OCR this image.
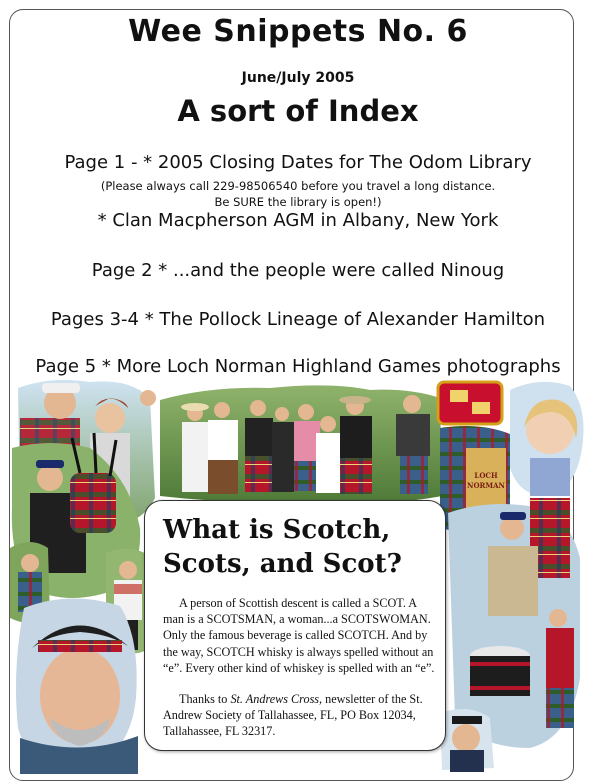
Wee Snippets No. 6
June/July 2005
A sort of Index
Page 1 - * 2005 Closing Dates for The Odom Library
(Please always call 229-98506540 before you travel a long distance.
Be SURE the library is open!)
* Clan Macpherson AGM in Albany, New York
Page 2 * ...and the people were called Ninoug
Pages 3-4 * The Pollock Lineage of Alexander Hamilton
Page 5 * More Loch Norman Highland Games photographs
LOCH
NORMAN
What is Scotch,
Scots, and Scot?

A person of Scottish descent is called a SCOT. A man is a SCOTSMAN, a woman...a SCOTSWOMAN. Only the famous beverage is called SCOTCH. And by the way, SCOTCH whisky is always spelled without an “e”. Every other kind of whiskey is spelled with an “e”.

Thanks to St. Andrews Cross, newsletter of the St. Andrew Society of Tallahassee, FL, PO Box 12034, Tallahassee, FL 32317.
